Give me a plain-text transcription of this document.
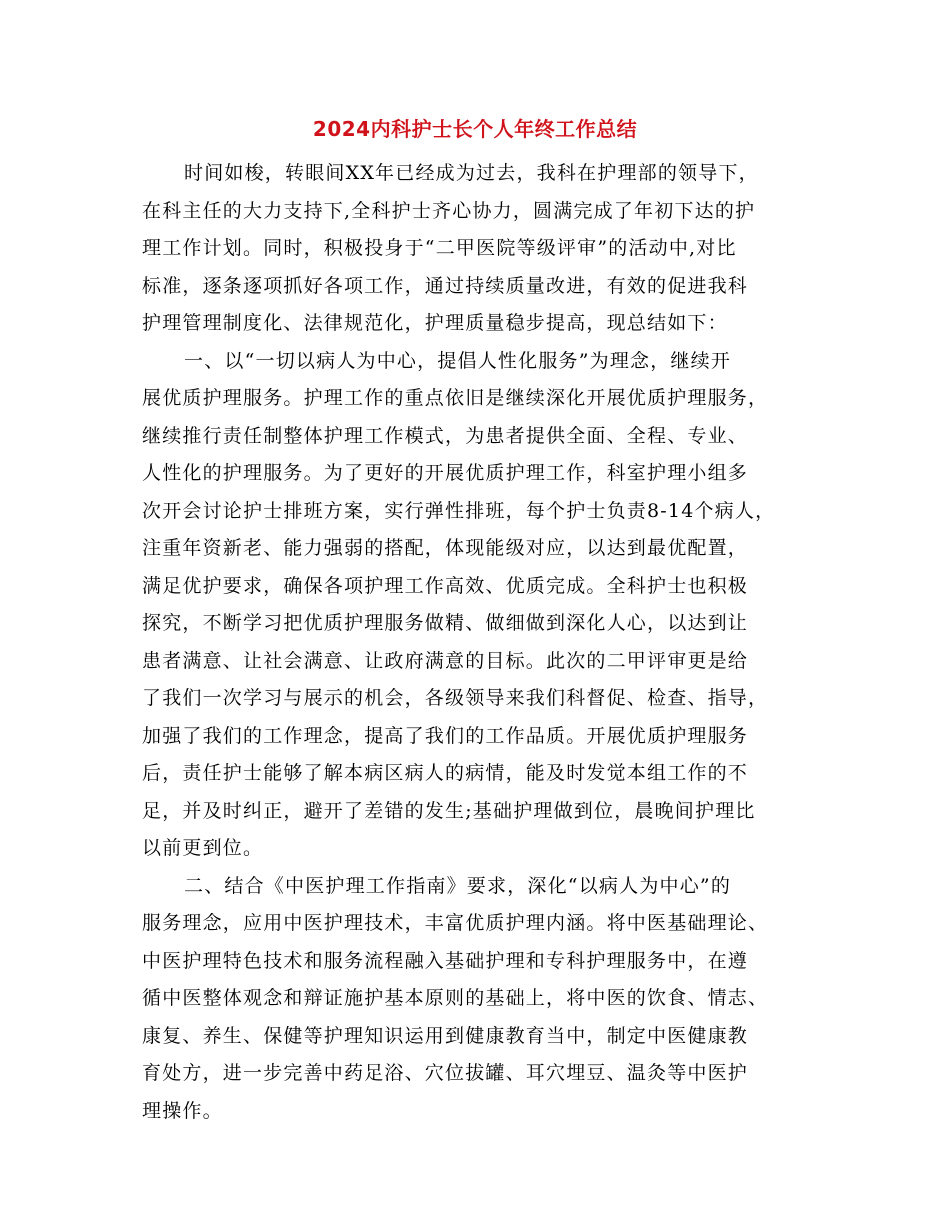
2024内科护士长个人年终工作总结
时间如梭，转眼间XX年已经成为过去，我科在护理部的领导下，
在科主任的大力支持下,全科护士齐心协力，圆满完成了年初下达的护
理工作计划。同时，积极投身于“二甲医院等级评审”的活动中,对比
标准，逐条逐项抓好各项工作，通过持续质量改进，有效的促进我科
护理管理制度化、法律规范化，护理质量稳步提高，现总结如下：
一、以“一切以病人为中心，提倡人性化服务”为理念，继续开
展优质护理服务。护理工作的重点依旧是继续深化开展优质护理服务，
继续推行责任制整体护理工作模式，为患者提供全面、全程、专业、
人性化的护理服务。为了更好的开展优质护理工作，科室护理小组多
次开会讨论护士排班方案，实行弹性排班，每个护士负责8-14个病人，
注重年资新老、能力强弱的搭配，体现能级对应，以达到最优配置，
满足优护要求，确保各项护理工作高效、优质完成。全科护士也积极
探究，不断学习把优质护理服务做精、做细做到深化人心，以达到让
患者满意、让社会满意、让政府满意的目标。此次的二甲评审更是给
了我们一次学习与展示的机会，各级领导来我们科督促、检查、指导，
加强了我们的工作理念，提高了我们的工作品质。开展优质护理服务
后，责任护士能够了解本病区病人的病情，能及时发觉本组工作的不
足，并及时纠正，避开了差错的发生;基础护理做到位，晨晚间护理比
以前更到位。
二、结合《中医护理工作指南》要求，深化“以病人为中心”的
服务理念，应用中医护理技术，丰富优质护理内涵。将中医基础理论、
中医护理特色技术和服务流程融入基础护理和专科护理服务中，在遵
循中医整体观念和辩证施护基本原则的基础上，将中医的饮食、情志、
康复、养生、保健等护理知识运用到健康教育当中，制定中医健康教
育处方，进一步完善中药足浴、穴位拔罐、耳穴埋豆、温灸等中医护
理操作。
